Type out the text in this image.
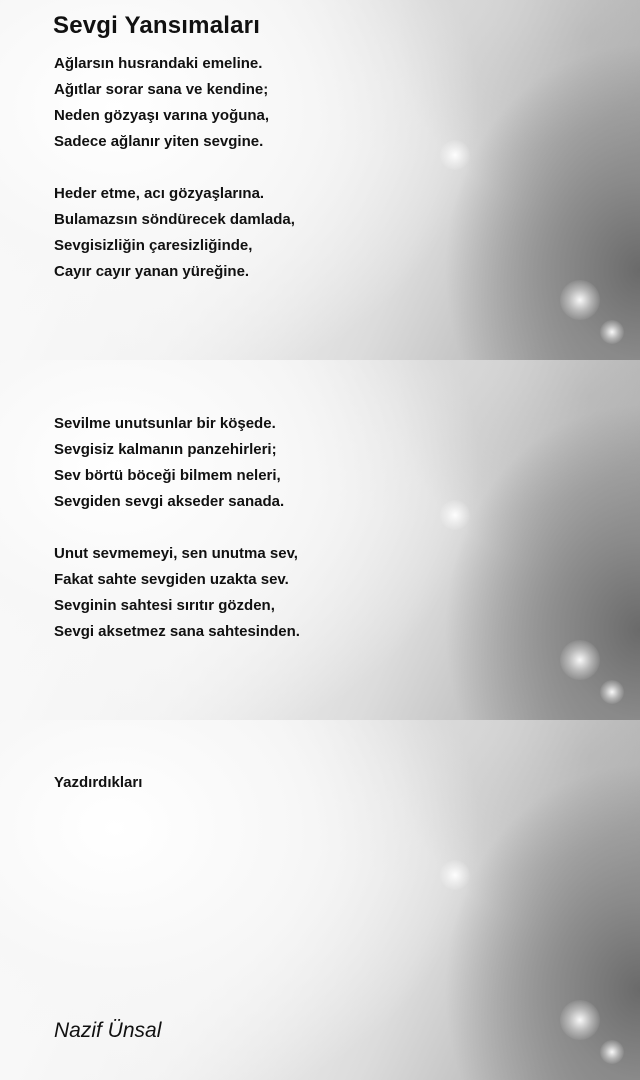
Sevgi Yansımaları
Ağlarsın husrandaki emeline.
Ağıtlar sorar sana ve kendine;
Neden gözyaşı varına yoğuna,
Sadece ağlanır yiten sevgine.
Heder etme, acı gözyaşlarına.
Bulamazsın söndürecek damlada,
Sevgisizliğin çaresizliğinde,
Cayır cayır yanan yüreğine.
Sevilme unutsunlar bir köşede.
Sevgisiz kalmanın panzehirleri;
Sev börtü böceği bilmem neleri,
Sevgiden sevgi akseder sanada.
Unut sevmemeyi, sen unutma sev,
Fakat sahte sevgiden uzakta sev.
Sevginin sahtesi sırıtır gözden,
Sevgi aksetmez sana sahtesinden.
Yazdırdıkları
Nazif Ünsal
